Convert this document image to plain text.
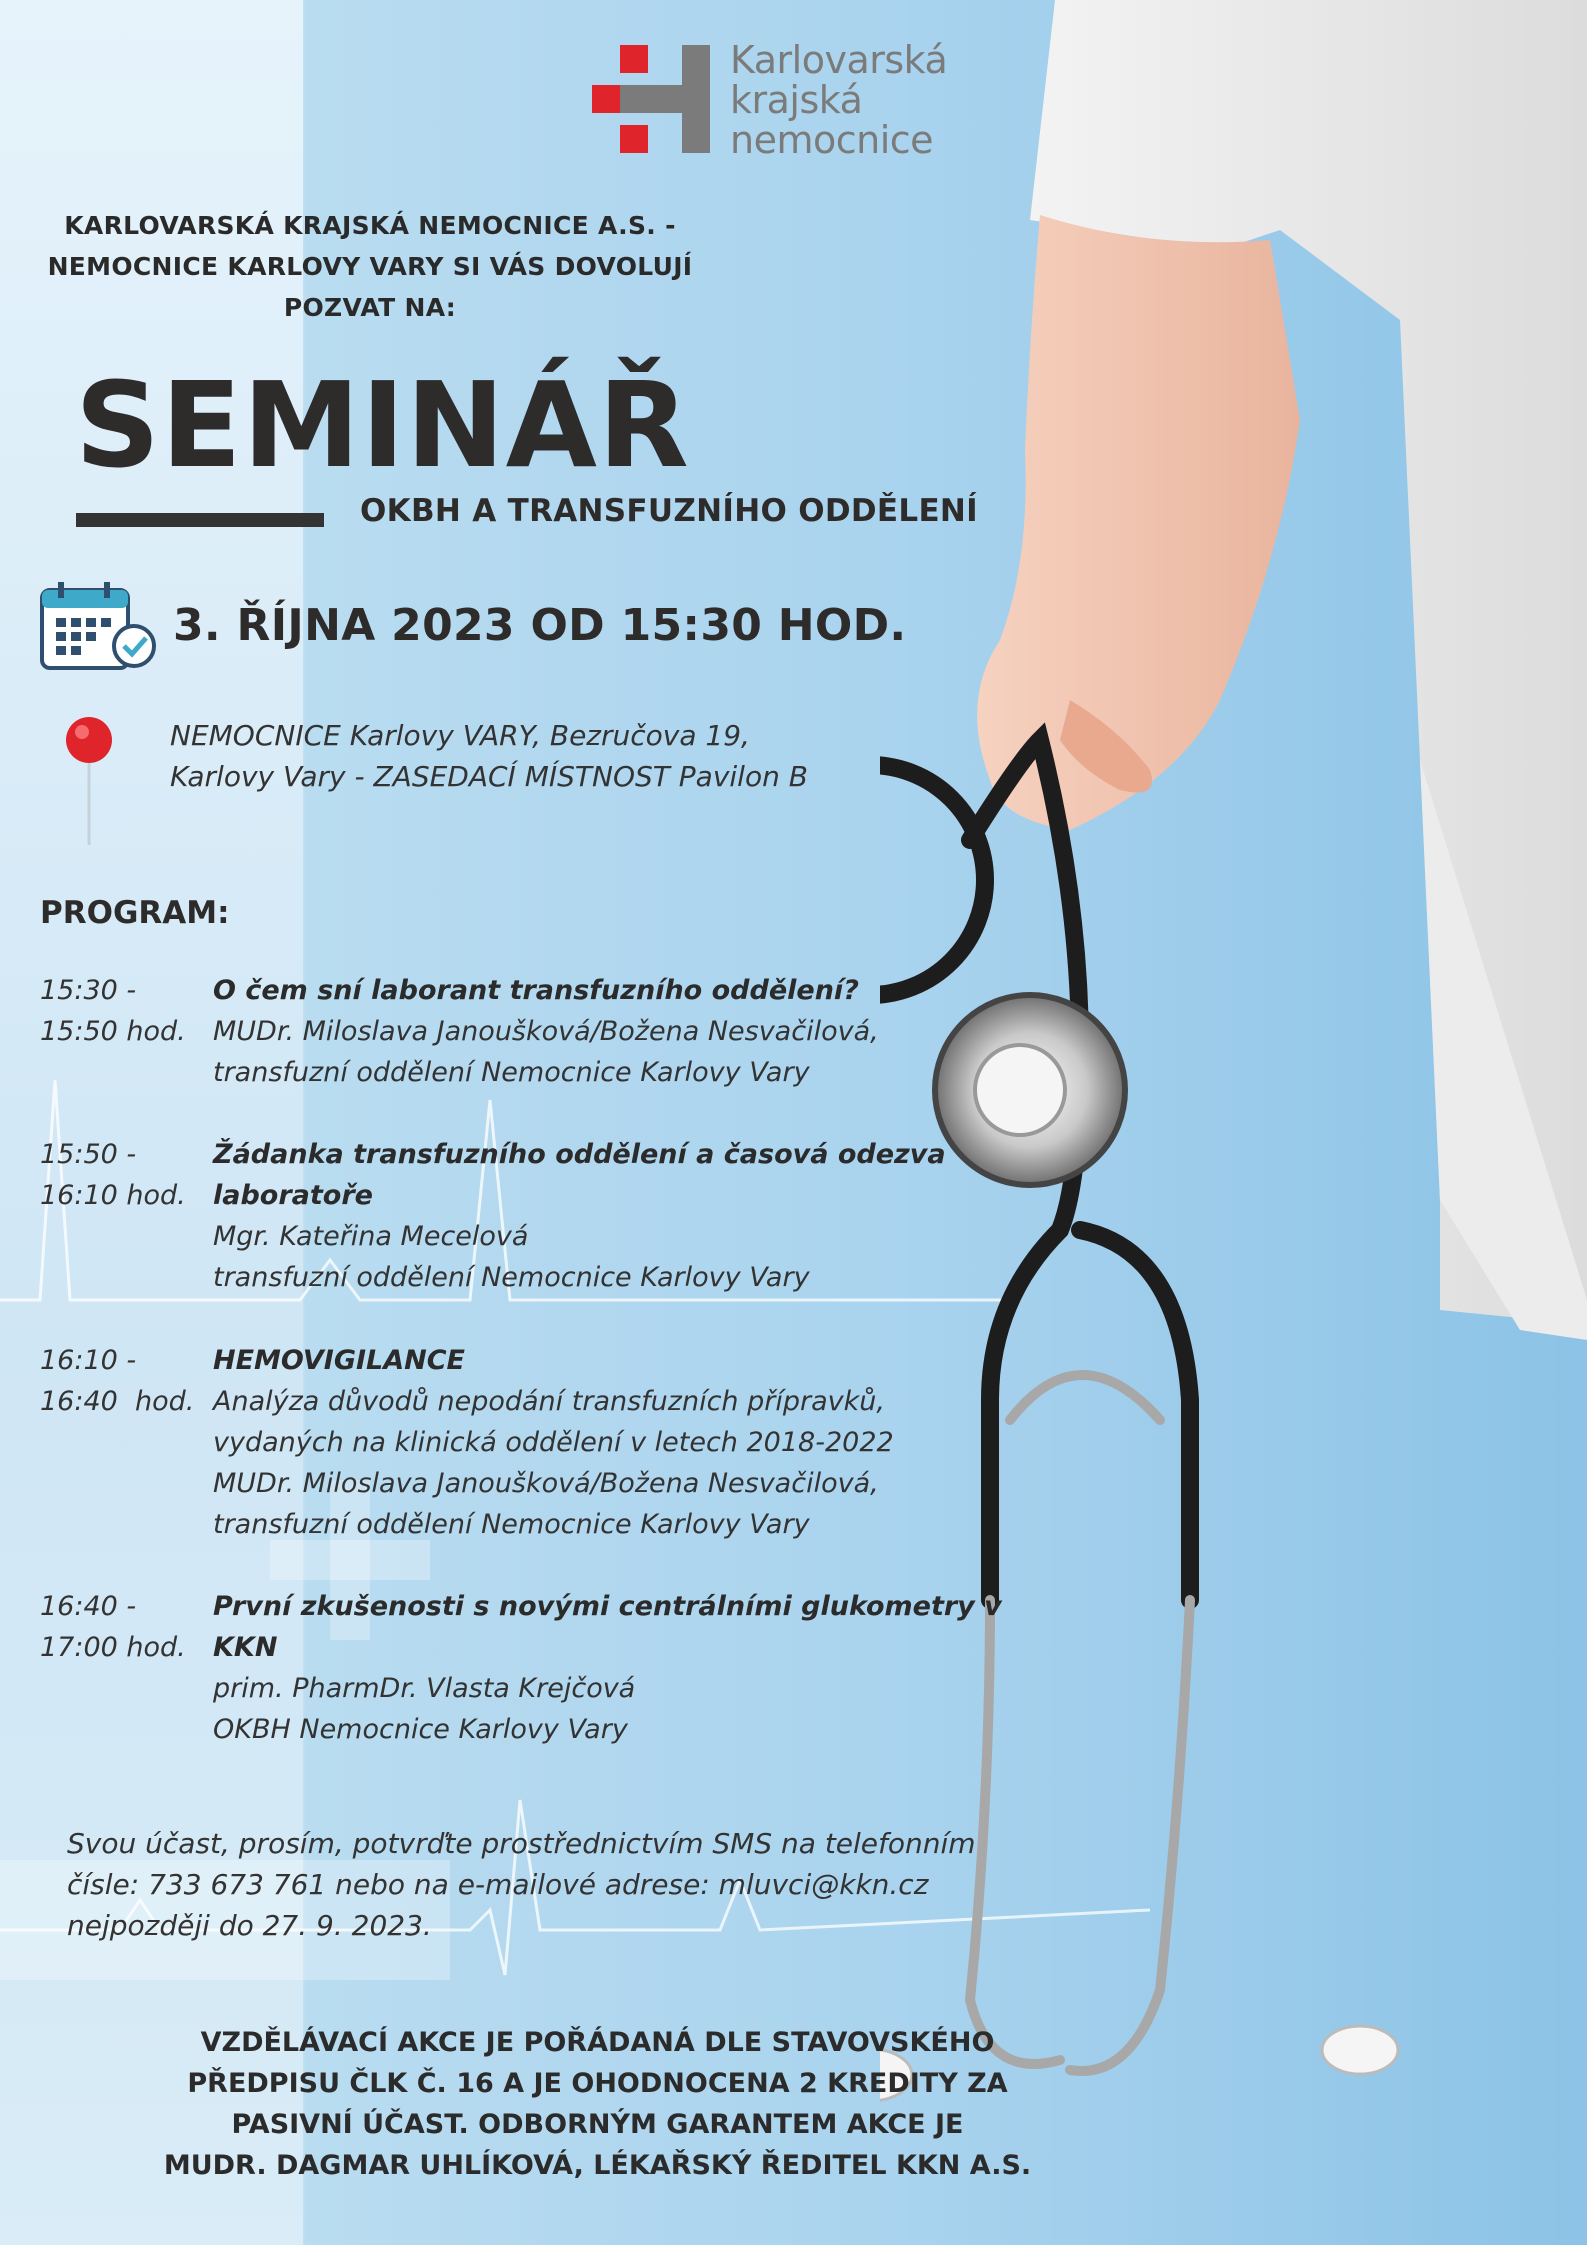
Karlovarská
krajská
nemocnice
KARLOVARSKÁ KRAJSKÁ NEMOCNICE A.S. -
NEMOCNICE KARLOVY VARY SI VÁS DOVOLUJÍ
POZVAT NA:
SEMINÁŘ
OKBH A TRANSFUZNÍHO ODDĚLENÍ
3. ŘÍJNA 2023 OD 15:30 HOD.
NEMOCNICE Karlovy VARY, Bezručova 19,
Karlovy Vary - ZASEDACÍ MÍSTNOST Pavilon B
PROGRAM:
15:30 -
15:50 hod.
O čem sní laborant transfuzního oddělení?
MUDr. Miloslava Janoušková/Božena Nesvačilová,
transfuzní oddělení Nemocnice Karlovy Vary
15:50 -
16:10 hod.
Žádanka transfuzního oddělení a časová odezva laboratoře
Mgr. Kateřina Mecelová
transfuzní oddělení Nemocnice Karlovy Vary
16:10 -
16:40  hod.
HEMOVIGILANCE
Analýza důvodů nepodání transfuzních přípravků,
vydaných na klinická oddělení v letech 2018-2022
MUDr. Miloslava Janoušková/Božena Nesvačilová,
transfuzní oddělení Nemocnice Karlovy Vary
16:40 -
17:00 hod.
První zkušenosti s novými centrálními glukometry v KKN
prim. PharmDr. Vlasta Krejčová
OKBH Nemocnice Karlovy Vary
Svou účast, prosím, potvrďte prostřednictvím SMS na telefonním
čísle: 733 673 761 nebo na e-mailové adrese: mluvci@kkn.cz
nejpozději do 27. 9. 2023.
VZDĚLÁVACÍ AKCE JE POŘÁDANÁ DLE STAVOVSKÉHO
PŘEDPISU ČLK Č. 16 A JE OHODNOCENA 2 KREDITY ZA
PASIVNÍ ÚČAST. ODBORNÝM GARANTEM AKCE JE
MUDR. DAGMAR UHLÍKOVÁ, LÉKAŘSKÝ ŘEDITEL KKN A.S.
